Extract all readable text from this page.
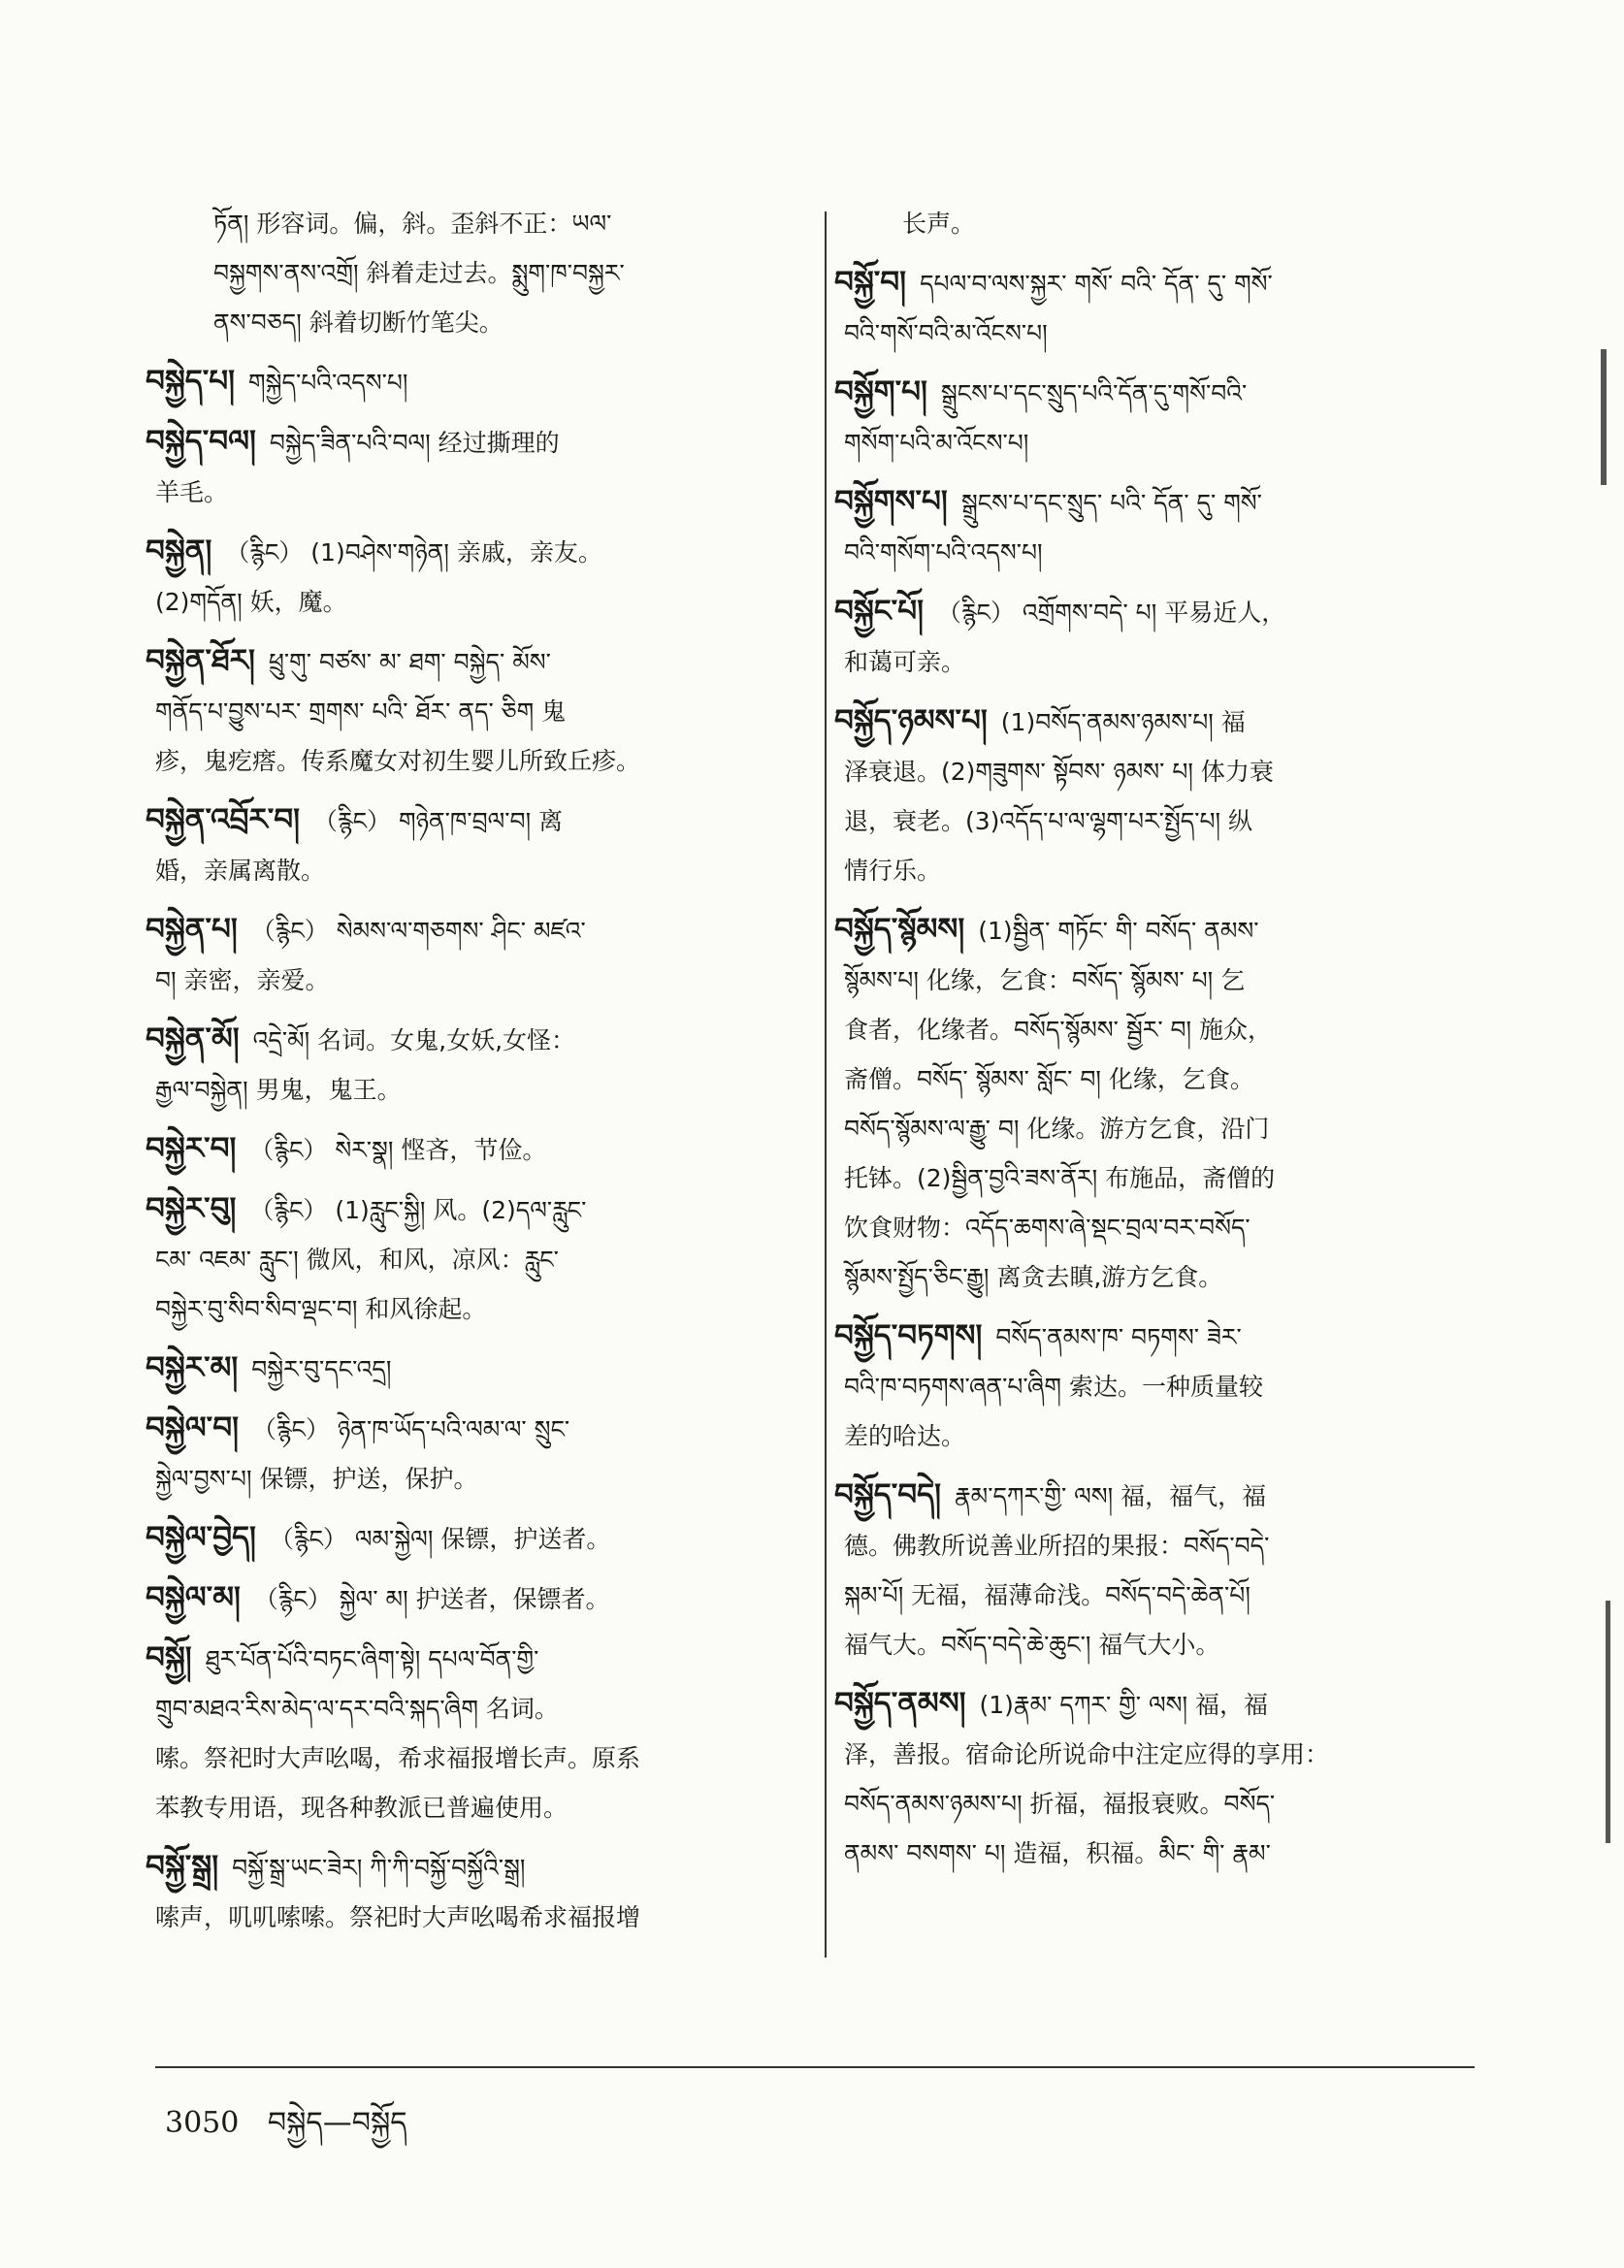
ཏོན། 形容词。偏，斜。歪斜不正：ཡལ་
བསྐྱགས་ནས་འགྲོ། 斜着走过去。སྨུག་ཁ་བསྐྱར་
ནས་བཅད། 斜着切断竹笔尖。
བསྐྱེད་པ། གསྐྱེད་པའི་འདས་པ།
བསྐྱེད་བལ། བསྐྱེད་ཟིན་པའི་བལ། 经过撕理的
羊毛。
བསྐྱེན། （རྙིང） (1)བཤེས་གཉེན། 亲戚，亲友。
(2)གདོན། 妖，魔。
བསྐྱེན་ཐོར། ཕྲུ་གུ་ བཙས་ མ་ ཐག་ བསྐྱེད་ མོས་
གནོད་པ་བྱུས་པར་ གྲགས་ པའི་ ཐོར་ ནད་ ཅིག 鬼
疹，鬼疙瘩。传系魔女对初生婴儿所致丘疹。
བསྐྱེན་འབྲོར་བ། （རྙིང） གཉེན་ཁ་བྲལ་བ། 离
婚，亲属离散。
བསྐྱེན་པ། （རྙིང） སེམས་ལ་གཅགས་ ཤིང་ མཛའ་
བ། 亲密，亲爱。
བསྐྱེན་མོ། འདྲེ་མོ། 名词。女鬼,女妖,女怪：
རྒྱལ་བསྐྱེན། 男鬼，鬼王。
བསྐྱེར་བ། （རྙིང） སེར་སྣ། 悭吝，节俭。
བསྐྱེར་བུ། （རྙིང） (1)རླུང་སྐྱི། 风。(2)དལ་རླུང་
ངམ་ འཇམ་ རླུང་། 微风，和风，凉风：རླུང་
བསྐྱེར་བུ་སིབ་སིབ་ལྡང་བ། 和风徐起。
བསྐྱེར་མ། བསྐྱེར་བུ་དང་འདྲ།
བསྐྱེལ་བ། （རྙིང） ཉེན་ཁ་ཡོད་པའི་ལམ་ལ་ སྲུང་
སྐྱེལ་བྱས་པ། 保镖，护送，保护。
བསྐྱེལ་བྱེད། （རྙིང） ལམ་སྐྱེལ། 保镖，护送者。
བསྐྱེལ་མ། （རྙིང） སྐྱེལ་ མ། 护送者，保镖者。
བསྐྱོ། ཐུར་པོན་པོའི་བཏང་ཞིག་སྟེ། དཔལ་བོན་གྱི་
གྲུབ་མཐའ་རིས་མེད་ལ་དར་བའི་སྐད་ཞིག 名词。
嗦。祭祀时大声吆喝，希求福报增长声。原系
苯教专用语，现各种教派已普遍使用。
བསྐྱོ་སྒྲ། བསྐྱོ་སྒྲ་ཡང་ཟེར། ཀི་ཀི་བསྐྱོ་བསྐྱོའི་སྒྲ།
嗦声，叽叽嗦嗦。祭祀时大声吆喝希求福报增
长声。
བསྐྱོ་བ། དཔལ་བ་ལས་སྐྱར་ གསོ་ བའི་ དོན་ དུ་ གསོ་
བའི་གསོ་བའི་མ་འོངས་པ།
བསྐྱོག་པ། སྒྲུངས་པ་དང་སྲུད་པའི་དོན་དུ་གསོ་བའི་
གསོག་པའི་མ་འོངས་པ།
བསྐྱོགས་པ། སྒྲུངས་པ་དང་སྲུད་ པའི་ དོན་ དུ་ གསོ་
བའི་གསོག་པའི་འདས་པ།
བསྐྱོང་པོ། （རྙིང） འགྲོགས་བདེ་ པ། 平易近人，
和蔼可亲。
བསྐྱོད་ཉམས་པ། (1)བསོད་ནམས་ཉམས་པ། 福
泽衰退。(2)གཟུགས་ སྟོབས་ ཉམས་ པ། 体力衰
退，衰老。(3)འདོད་པ་ལ་ལྷག་པར་སྤྱོད་པ། 纵
情行乐。
བསྐྱོད་སྙོམས། (1)སྦྱིན་ གཏོང་ གི་ བསོད་ ནམས་
སྙོམས་པ། 化缘，乞食：བསོད་ སྙོམས་ པ། 乞
食者，化缘者。བསོད་སྙོམས་ སྦྱོར་ བ། 施众，
斋僧。བསོད་ སྙོམས་ སློང་ བ། 化缘，乞食。
བསོད་སྙོམས་ལ་རྒྱུ་ བ། 化缘。游方乞食，沿门
托钵。(2)སྦྱིན་བྱའི་ཟས་ནོར། 布施品，斋僧的
饮食财物：འདོད་ཆགས་ཞེ་སྡང་བྲལ་བར་བསོད་
སྙོམས་སྤྱོད་ཅིང་རྒྱུ། 离贪去瞋,游方乞食。
བསྐྱོད་བཏགས། བསོད་ནམས་ཁ་ བཏགས་ ཟེར་
བའི་ཁ་བཏགས་ཞན་པ་ཞིག 索达。一种质量较
差的哈达。
བསྐྱོད་བདེ། རྣམ་དཀར་གྱི་ ལས། 福，福气，福
德。佛教所说善业所招的果报：བསོད་བདེ་
སྐམ་པོ། 无福，福薄命浅。བསོད་བདེ་ཆེན་པོ།
福气大。བསོད་བདེ་ཆེ་ཆུང་། 福气大小。
བསྐྱོད་ནམས། (1)རྣམ་ དཀར་ གྱི་ ལས། 福，福
泽，善报。宿命论所说命中注定应得的享用：
བསོད་ནམས་ཉམས་པ། 折福，福报衰败。བསོད་
ནམས་ བསགས་ པ། 造福，积福。མིང་ གི་ རྣམ་
3050 བསྐྱེད—བསྐྱོད
